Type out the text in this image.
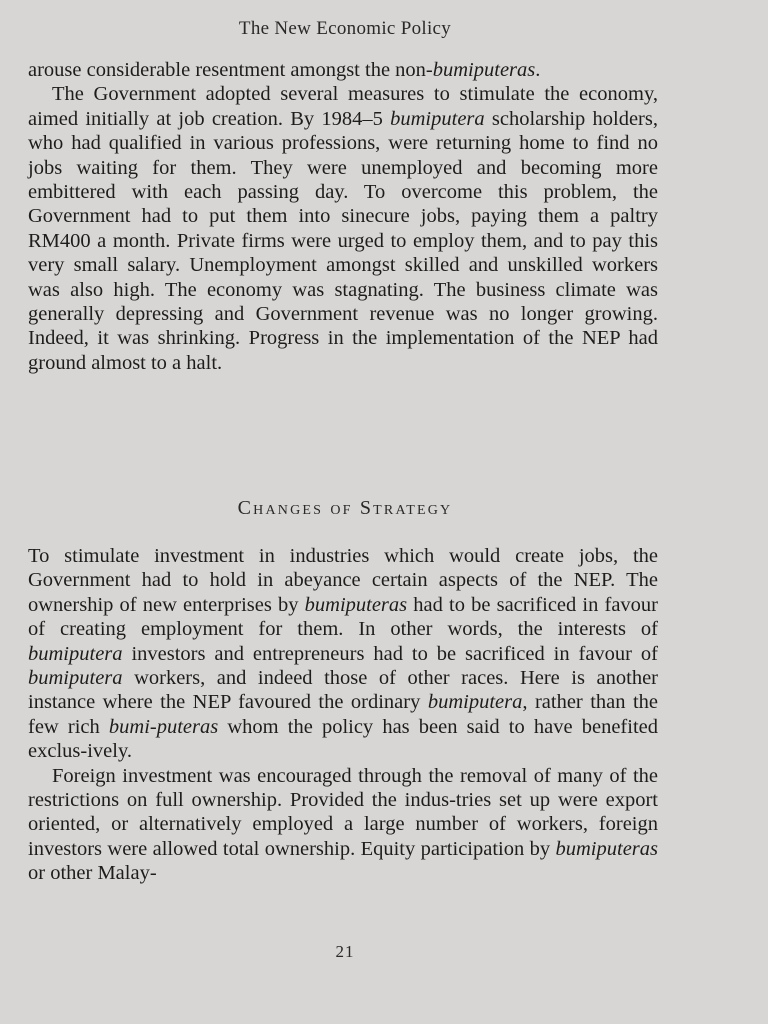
The New Economic Policy

arouse considerable resentment amongst the non-bumiputeras.

The Government adopted several measures to stimulate the economy, aimed initially at job creation. By 1984–5 bumiputera scholarship holders, who had qualified in various professions, were returning home to find no jobs waiting for them. They were unemployed and becoming more embittered with each passing day. To overcome this problem, the Government had to put them into sinecure jobs, paying them a paltry RM400 a month. Private firms were urged to employ them, and to pay this very small salary. Unemployment amongst skilled and unskilled workers was also high. The economy was stagnating. The business climate was generally depressing and Government revenue was no longer growing. Indeed, it was shrinking. Progress in the implementation of the NEP had ground almost to a halt.

Changes of Strategy

To stimulate investment in industries which would create jobs, the Government had to hold in abeyance certain aspects of the NEP. The ownership of new enterprises by bumiputeras had to be sacrificed in favour of creating employment for them. In other words, the interests of bumiputera investors and entrepreneurs had to be sacrificed in favour of bumiputera workers, and indeed those of other races. Here is another instance where the NEP favoured the ordinary bumiputera, rather than the few rich bumi-puteras whom the policy has been said to have benefited exclus-ively.

Foreign investment was encouraged through the removal of many of the restrictions on full ownership. Provided the indus-tries set up were export oriented, or alternatively employed a large number of workers, foreign investors were allowed total ownership. Equity participation by bumiputeras or other Malay-

21
